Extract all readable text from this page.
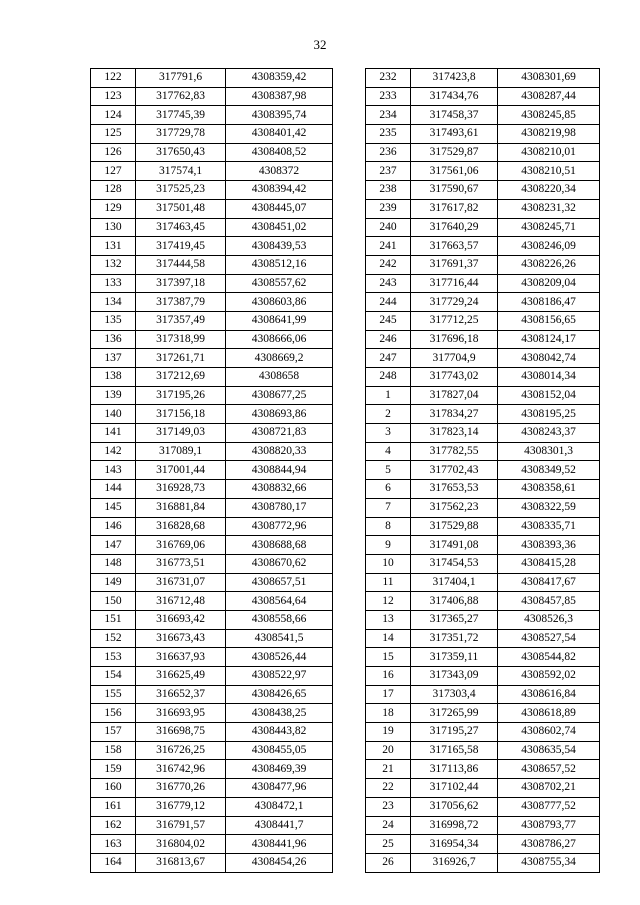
32
122	317791,6	4308359,42
123	317762,83	4308387,98
124	317745,39	4308395,74
125	317729,78	4308401,42
126	317650,43	4308408,52
127	317574,1	4308372
128	317525,23	4308394,42
129	317501,48	4308445,07
130	317463,45	4308451,02
131	317419,45	4308439,53
132	317444,58	4308512,16
133	317397,18	4308557,62
134	317387,79	4308603,86
135	317357,49	4308641,99
136	317318,99	4308666,06
137	317261,71	4308669,2
138	317212,69	4308658
139	317195,26	4308677,25
140	317156,18	4308693,86
141	317149,03	4308721,83
142	317089,1	4308820,33
143	317001,44	4308844,94
144	316928,73	4308832,66
145	316881,84	4308780,17
146	316828,68	4308772,96
147	316769,06	4308688,68
148	316773,51	4308670,62
149	316731,07	4308657,51
150	316712,48	4308564,64
151	316693,42	4308558,66
152	316673,43	4308541,5
153	316637,93	4308526,44
154	316625,49	4308522,97
155	316652,37	4308426,65
156	316693,95	4308438,25
157	316698,75	4308443,82
158	316726,25	4308455,05
159	316742,96	4308469,39
160	316770,26	4308477,96
161	316779,12	4308472,1
162	316791,57	4308441,7
163	316804,02	4308441,96
164	316813,67	4308454,26
232	317423,8	4308301,69
233	317434,76	4308287,44
234	317458,37	4308245,85
235	317493,61	4308219,98
236	317529,87	4308210,01
237	317561,06	4308210,51
238	317590,67	4308220,34
239	317617,82	4308231,32
240	317640,29	4308245,71
241	317663,57	4308246,09
242	317691,37	4308226,26
243	317716,44	4308209,04
244	317729,24	4308186,47
245	317712,25	4308156,65
246	317696,18	4308124,17
247	317704,9	4308042,74
248	317743,02	4308014,34
1	317827,04	4308152,04
2	317834,27	4308195,25
3	317823,14	4308243,37
4	317782,55	4308301,3
5	317702,43	4308349,52
6	317653,53	4308358,61
7	317562,23	4308322,59
8	317529,88	4308335,71
9	317491,08	4308393,36
10	317454,53	4308415,28
11	317404,1	4308417,67
12	317406,88	4308457,85
13	317365,27	4308526,3
14	317351,72	4308527,54
15	317359,11	4308544,82
16	317343,09	4308592,02
17	317303,4	4308616,84
18	317265,99	4308618,89
19	317195,27	4308602,74
20	317165,58	4308635,54
21	317113,86	4308657,52
22	317102,44	4308702,21
23	317056,62	4308777,52
24	316998,72	4308793,77
25	316954,34	4308786,27
26	316926,7	4308755,34
